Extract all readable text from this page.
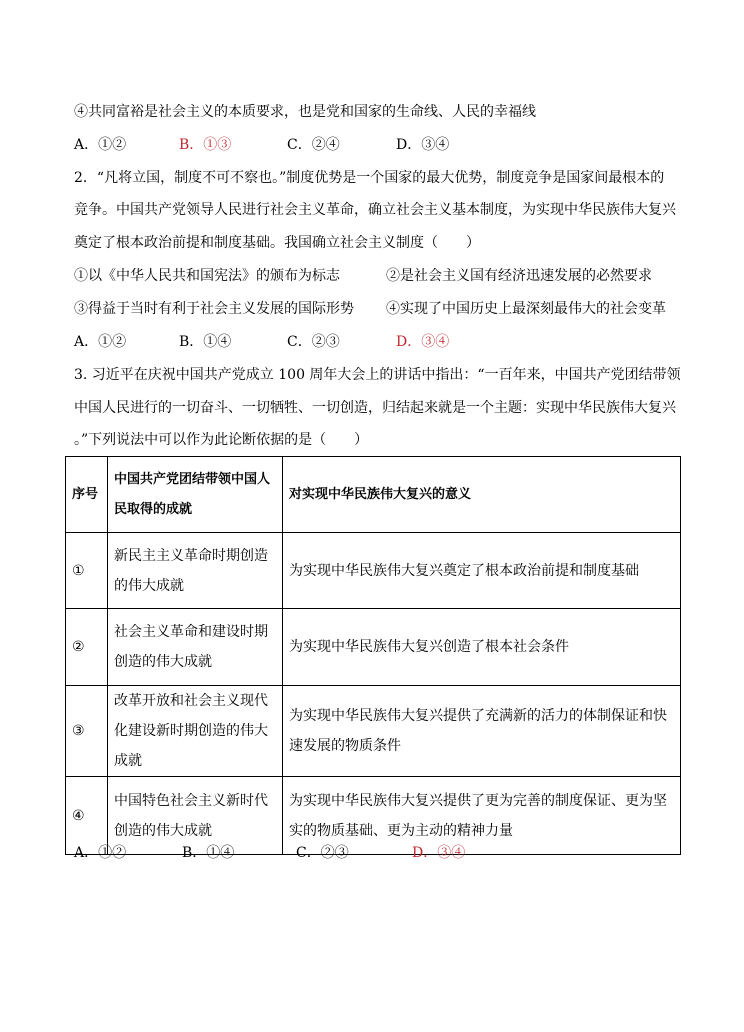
④共同富裕是社会主义的本质要求，也是党和国家的生命线、人民的幸福线
A．①②	B．①③	C．②④	D．③④
2．“凡将立国，制度不可不察也。”制度优势是一个国家的最大优势，制度竞争是国家间最根本的
竞争。中国共产党领导人民进行社会主义革命，确立社会主义基本制度，为实现中华民族伟大复兴
奠定了根本政治前提和制度基础。我国确立社会主义制度（　　）
①以《中华人民共和国宪法》的颁布为标志	②是社会主义国有经济迅速发展的必然要求
③得益于当时有利于社会主义发展的国际形势 ④实现了中国历史上最深刻最伟大的社会变革
A．①②	B．①④	C．②③	D．③④
3. 习近平在庆祝中国共产党成立 100 周年大会上的讲话中指出：“一百年来，中国共产党团结带领
中国人民进行的一切奋斗、一切牺牲、一切创造，归结起来就是一个主题：实现中华民族伟大复兴
。”下列说法中可以作为此论断依据的是（　　）
序号	中国共产党团结带领中国人民取得的成就	对实现中华民族伟大复兴的意义
①	新民主主义革命时期创造的伟大成就	为实现中华民族伟大复兴奠定了根本政治前提和制度基础
②	社会主义革命和建设时期创造的伟大成就	为实现中华民族伟大复兴创造了根本社会条件
③	改革开放和社会主义现代化建设新时期创造的伟大成就	为实现中华民族伟大复兴提供了充满新的活力的体制保证和快速发展的物质条件
④	中国特色社会主义新时代创造的伟大成就	为实现中华民族伟大复兴提供了更为完善的制度保证、更为坚实的物质基础、更为主动的精神力量
A．①②	B．①④	C．②③	D．③④
